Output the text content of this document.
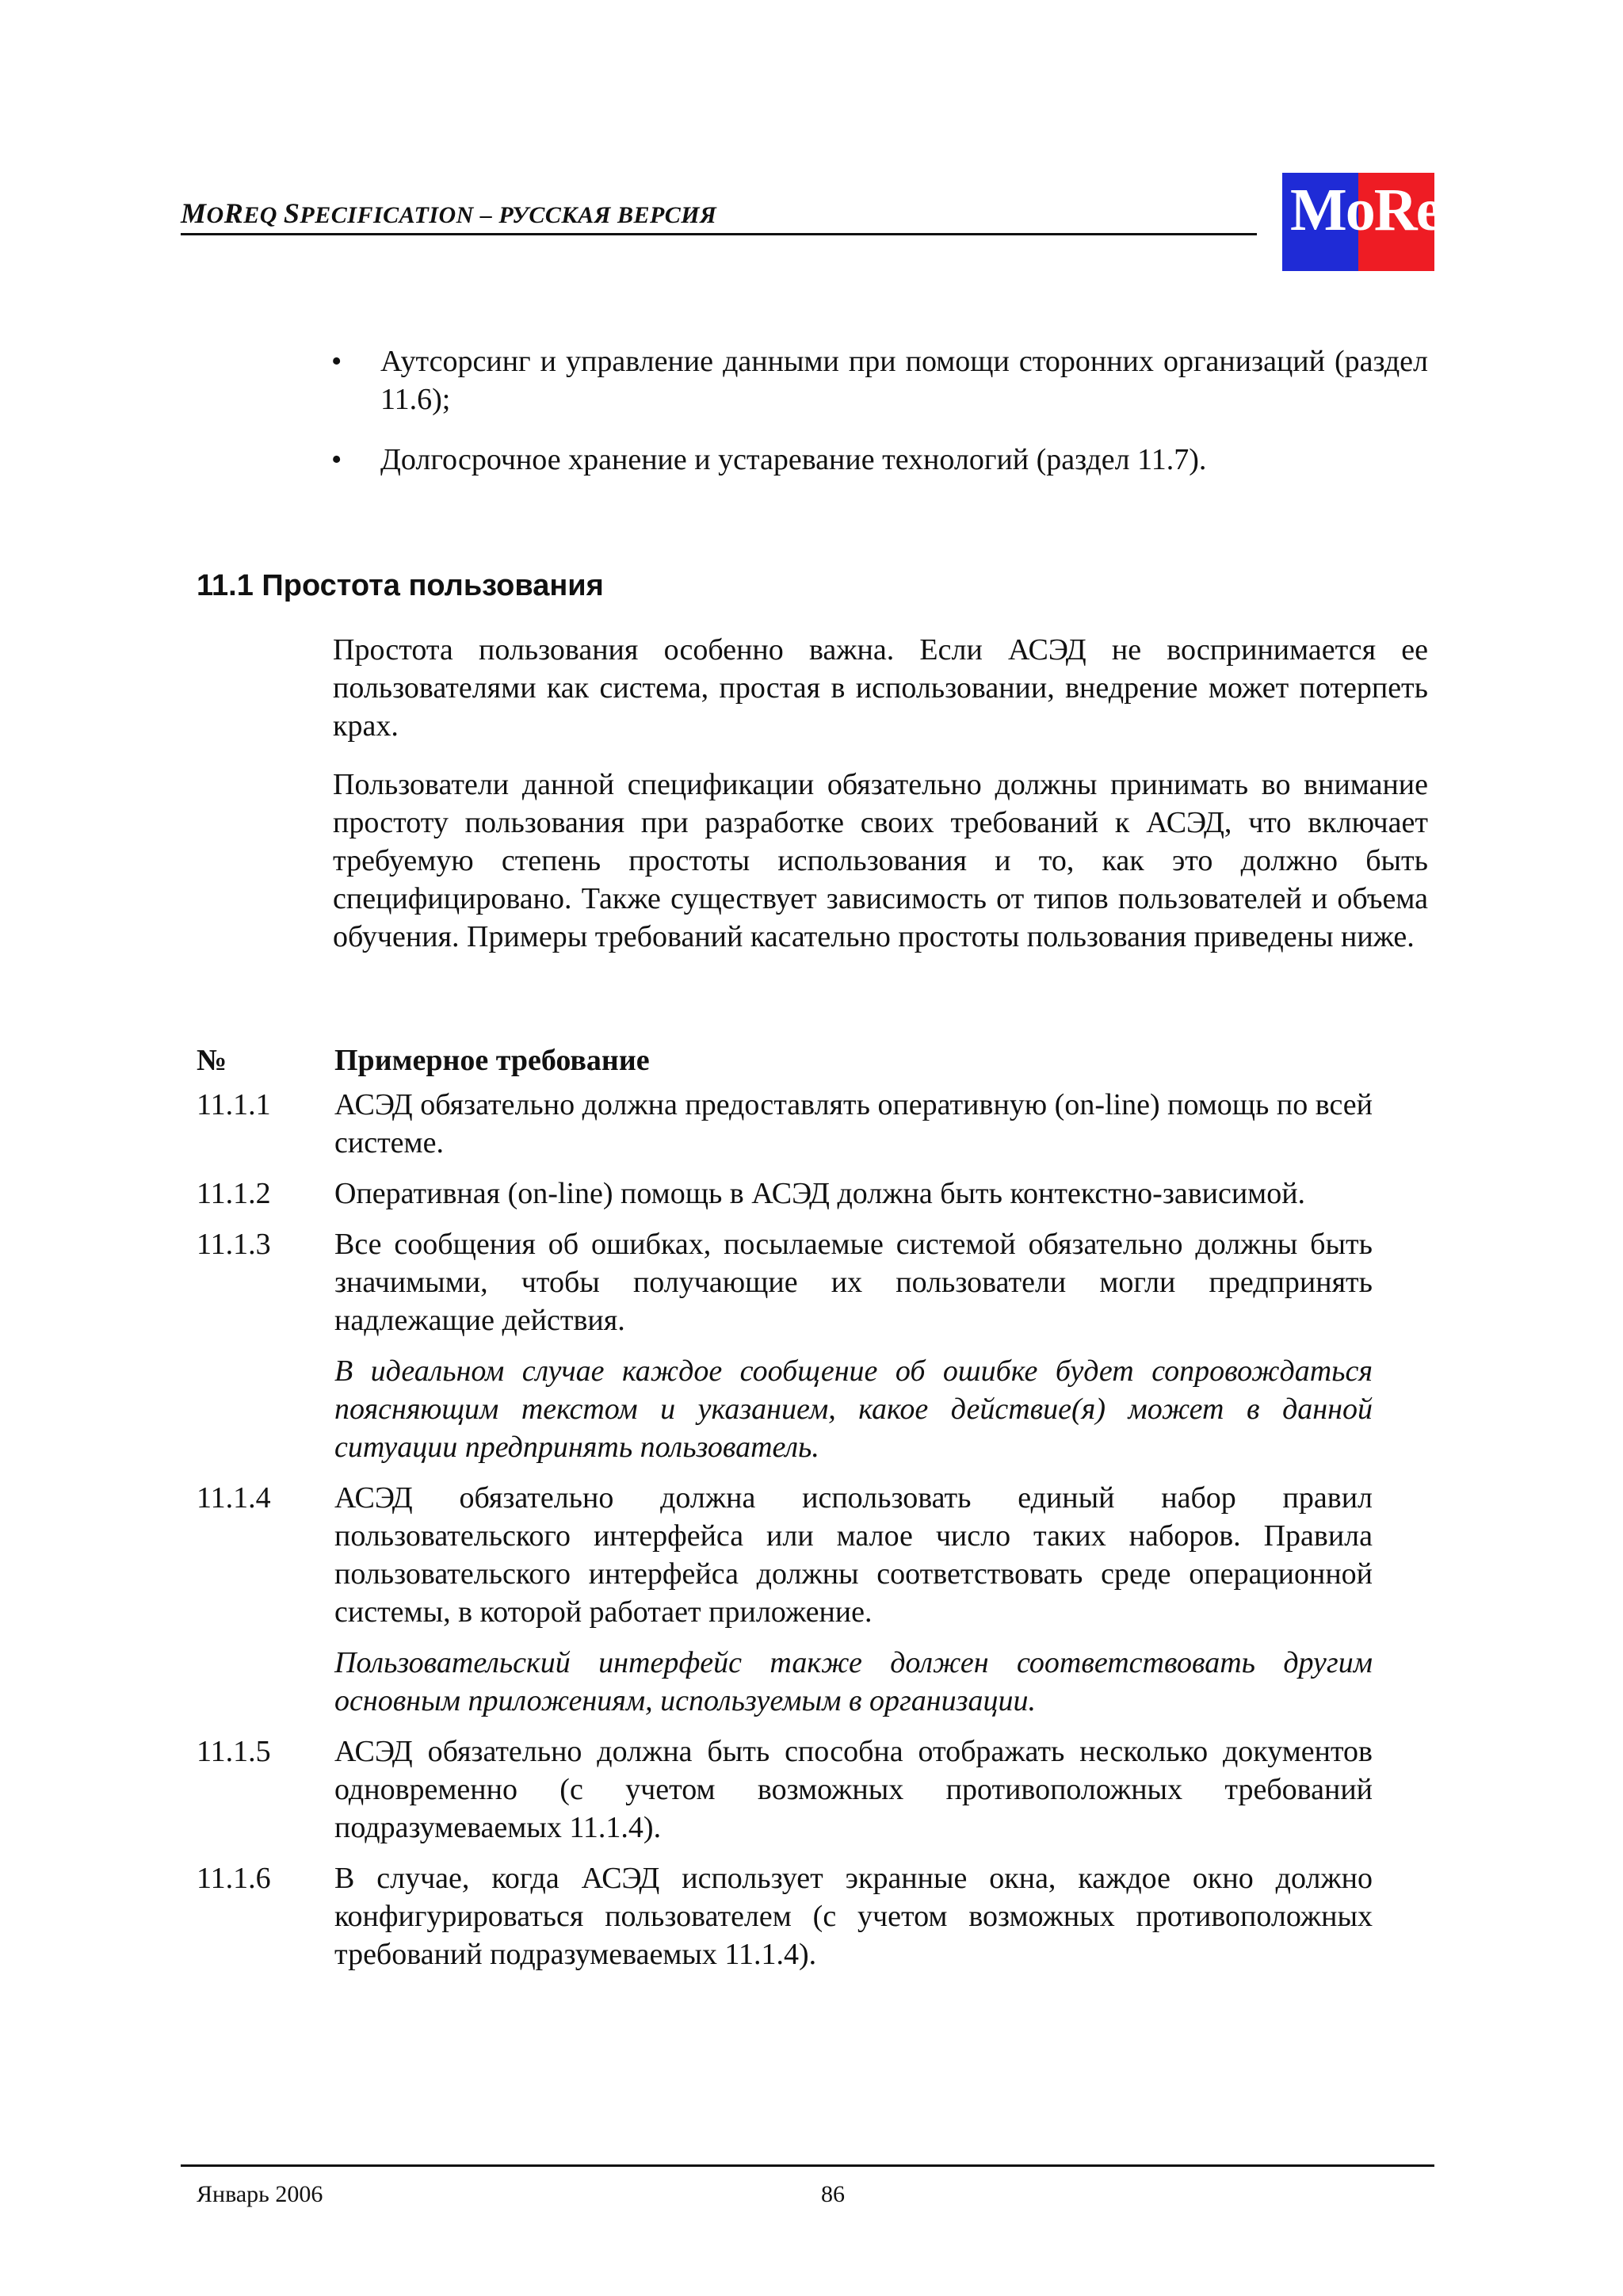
MOREQ SPECIFICATION – РУССКАЯ ВЕРСИЯ	MoReq
• Аутсорсинг и управление данными при помощи сторонних организаций (раздел 11.6);
• Долгосрочное хранение и устаревание технологий (раздел 11.7).
11.1 Простота пользования

Простота пользования особенно важна. Если АСЭД не воспринимается ее пользователями как система, простая в использовании, внедрение может потерпеть крах.

Пользователи данной спецификации обязательно должны принимать во внимание простоту пользования при разработке своих требований к АСЭД, что включает требуемую степень простоты использования и то, как это должно быть специфицировано. Также существует зависимость от типов пользователей и объема обучения. Примеры требований касательно простоты пользования приведены ниже.

№	Примерное требование
11.1.1 АСЭД обязательно должна предоставлять оперативную (on-line) помощь по всей системе.
11.1.2 Оперативная (on-line) помощь в АСЭД должна быть контекстно-зависимой.
11.1.3 Все сообщения об ошибках, посылаемые системой обязательно должны быть значимыми, чтобы получающие их пользователи могли предпринять надлежащие действия.
В идеальном случае каждое сообщение об ошибке будет сопровождаться поясняющим текстом и указанием, какое действие(я) может в данной ситуации предпринять пользователь.
11.1.4 АСЭД обязательно должна использовать единый набор правил пользовательского интерфейса или малое число таких наборов. Правила пользовательского интерфейса должны соответствовать среде операционной системы, в которой работает приложение.
Пользовательский интерфейс также должен соответствовать другим основным приложениям, используемым в организации.
11.1.5 АСЭД обязательно должна быть способна отображать несколько документов одновременно (с учетом возможных противоположных требований подразумеваемых 11.1.4).
11.1.6 В случае, когда АСЭД использует экранные окна, каждое окно должно конфигурироваться пользователем (с учетом возможных противоположных требований подразумеваемых 11.1.4).
Январь 2006	86
